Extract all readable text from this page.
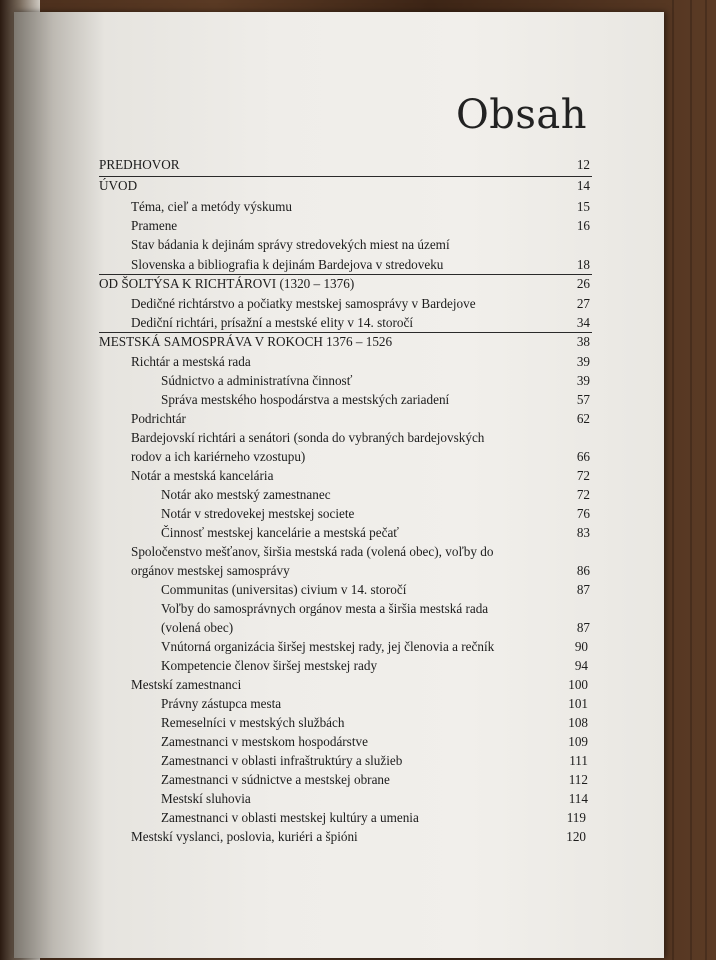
Obsah
PREDHOVOR	12
ÚVOD	14
Téma, cieľ a metódy výskumu	15
Pramene	16
Stav bádania k dejinám správy stredovekých miest na území
Slovenska a bibliografia k dejinám Bardejova v stredoveku	18
OD ŠOLTÝSA K RICHTÁROVI (1320 – 1376)	26
Dedičné richtárstvo a počiatky mestskej samosprávy v Bardejove	27
Dediční richtári, prísažní a mestské elity v 14. storočí	34
MESTSKÁ SAMOSPRÁVA V ROKOCH 1376 – 1526	38
Richtár a mestská rada	39
Súdnictvo a administratívna činnosť	39
Správa mestského hospodárstva a mestských zariadení	57
Podrichtár	62
Bardejovskí richtári a senátori (sonda do vybraných bardejovských
rodov a ich kariérneho vzostupu)	66
Notár a mestská kancelária	72
Notár ako mestský zamestnanec	72
Notár v stredovekej mestskej societe	76
Činnosť mestskej kancelárie a mestská pečať	83
Spoločenstvo mešťanov, širšia mestská rada (volená obec), voľby do
orgánov mestskej samosprávy	86
Communitas (universitas) civium v 14. storočí	87
Voľby do samosprávnych orgánov mesta a širšia mestská rada
(volená obec)	87
Vnútorná organizácia širšej mestskej rady, jej členovia a rečník	90
Kompetencie členov širšej mestskej rady	94
Mestskí zamestnanci	100
Právny zástupca mesta	101
Remeselníci v mestských službách	108
Zamestnanci v mestskom hospodárstve	109
Zamestnanci v oblasti infraštruktúry a služieb	111
Zamestnanci v súdnictve a mestskej obrane	112
Mestskí sluhovia	114
Zamestnanci v oblasti mestskej kultúry a umenia	119
Mestskí vyslanci, poslovia, kuriéri a špióni	120
